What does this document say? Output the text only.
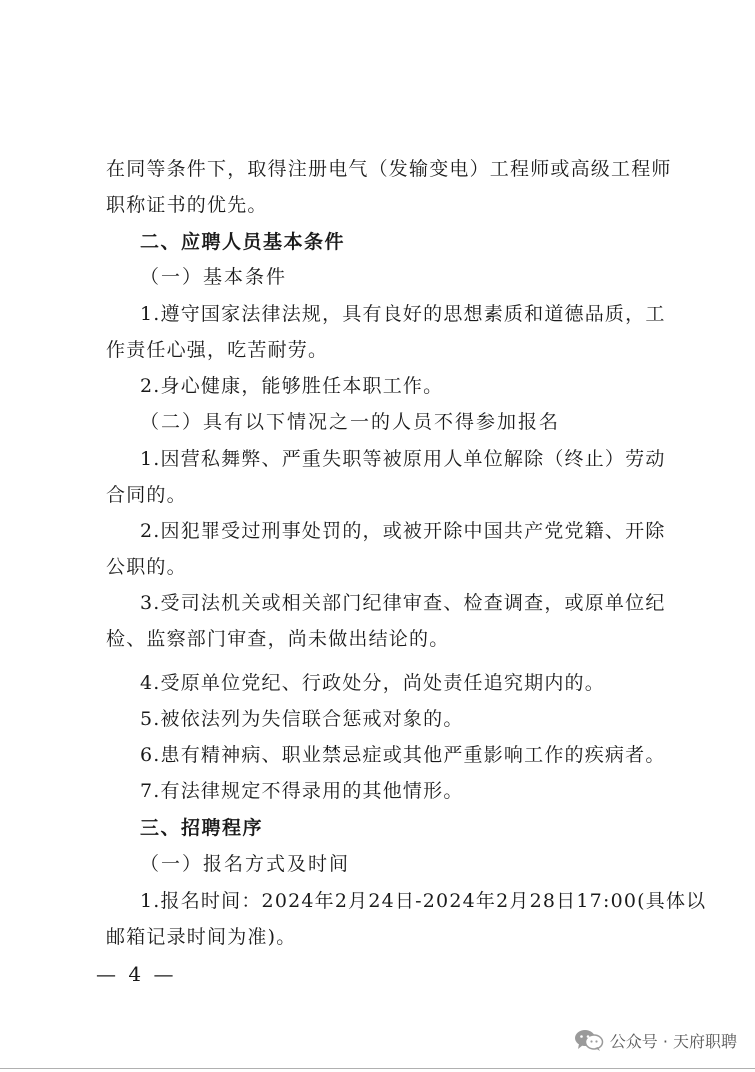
在同等条件下，取得注册电气（发输变电）工程师或高级工程师
职称证书的优先。
二、应聘人员基本条件
（一）基本条件
1.遵守国家法律法规，具有良好的思想素质和道德品质，工
作责任心强，吃苦耐劳。
2.身心健康，能够胜任本职工作。
（二）具有以下情况之一的人员不得参加报名
1.因营私舞弊、严重失职等被原用人单位解除（终止）劳动
合同的。
2.因犯罪受过刑事处罚的，或被开除中国共产党党籍、开除
公职的。
3.受司法机关或相关部门纪律审查、检查调查，或原单位纪
检、监察部门审查，尚未做出结论的。
4.受原单位党纪、行政处分，尚处责任追究期内的。
5.被依法列为失信联合惩戒对象的。
6.患有精神病、职业禁忌症或其他严重影响工作的疾病者。
7.有法律规定不得录用的其他情形。
三、招聘程序
（一）报名方式及时间
1.报名时间：2024年2月24日-2024年2月28日17:00(具体以
邮箱记录时间为准)。
— 4 —
公众号 · 天府职聘
